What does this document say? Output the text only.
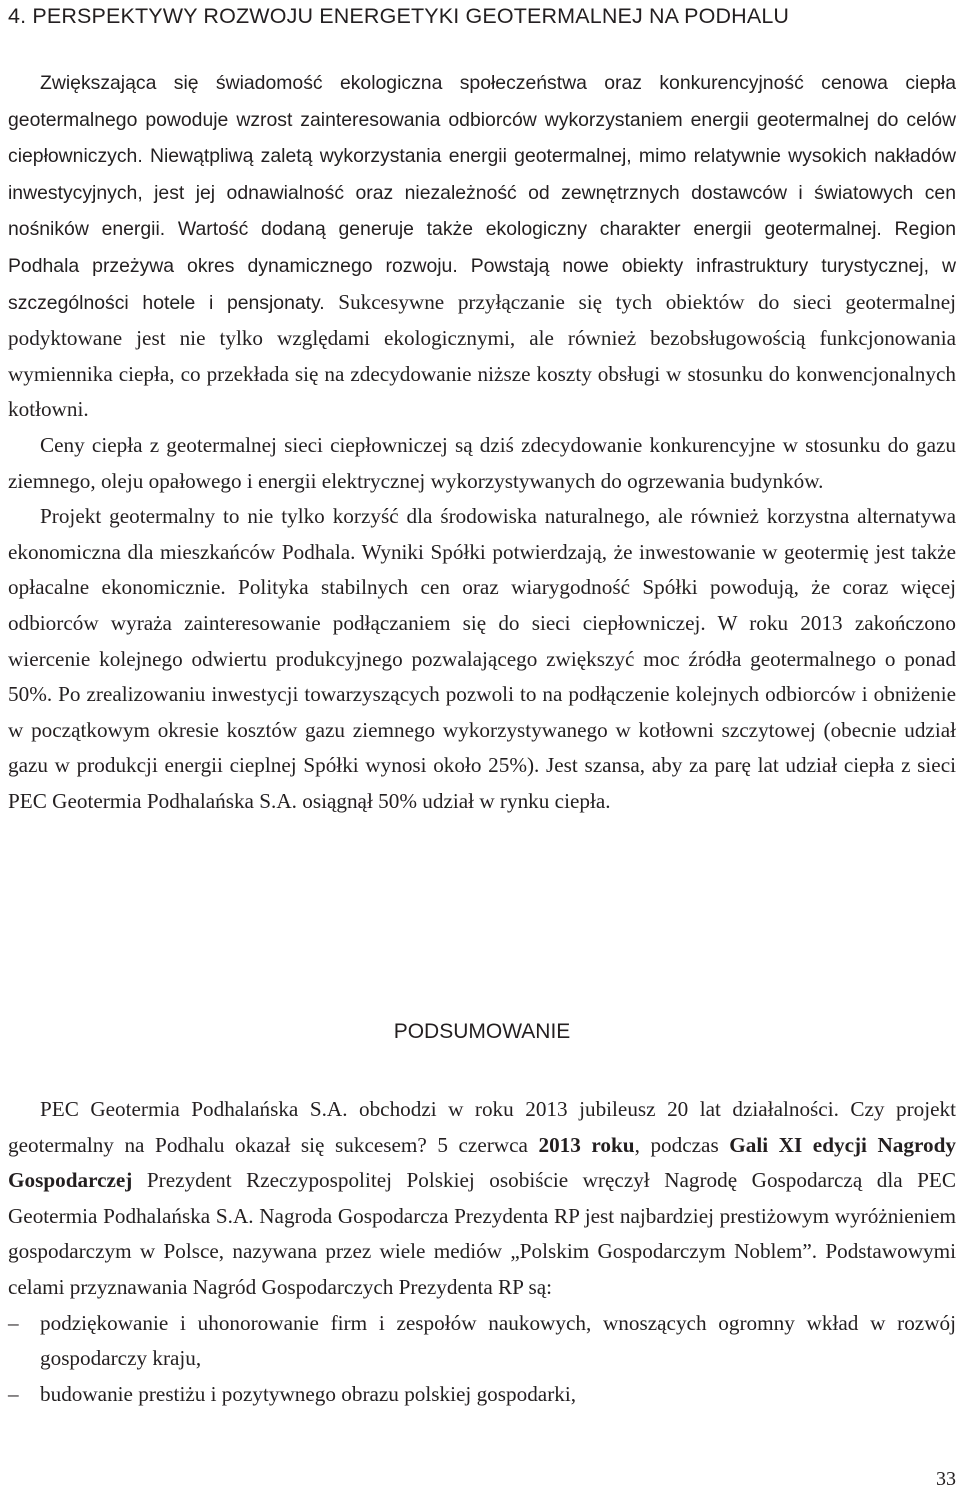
4. PERSPEKTYWY ROZWOJU ENERGETYKI GEOTERMALNEJ NA PODHALU

Zwiększająca się świadomość ekologiczna społeczeństwa oraz konkurencyjność cenowa ciepła geotermalnego powoduje wzrost zainteresowania odbiorców wykorzystaniem energii geotermalnej do celów ciepłowniczych. Niewątpliwą zaletą wykorzystania energii geotermalnej, mimo relatywnie wysokich nakładów inwestycyjnych, jest jej odnawialność oraz niezależność od zewnętrznych dostawców i światowych cen nośników energii. Wartość dodaną generuje także ekologiczny charakter energii geotermalnej. Region Podhala przeżywa okres dynamicznego rozwoju. Powstają nowe obiekty infrastruktury turystycznej, w szczególności hotele i pensjonaty. Sukcesywne przyłączanie się tych obiektów do sieci geotermalnej podyktowane jest nie tylko względami ekologicznymi, ale również bezobsługowością funkcjonowania wymiennika ciepła, co przekłada się na zdecydowanie niższe koszty obsługi w stosunku do konwencjonalnych kotłowni.

Ceny ciepła z geotermalnej sieci ciepłowniczej są dziś zdecydowanie konkurencyjne w stosunku do gazu ziemnego, oleju opałowego i energii elektrycznej wykorzystywanych do ogrzewania budynków.

Projekt geotermalny to nie tylko korzyść dla środowiska naturalnego, ale również korzystna alternatywa ekonomiczna dla mieszkańców Podhala. Wyniki Spółki potwierdzają, że inwestowanie w geotermię jest także opłacalne ekonomicznie. Polityka stabilnych cen oraz wiarygodność Spółki powodują, że coraz więcej odbiorców wyraża zainteresowanie podłączaniem się do sieci ciepłowniczej. W roku 2013 zakończono wiercenie kolejnego odwiertu produkcyjnego pozwalającego zwiększyć moc źródła geotermalnego o ponad 50%. Po zrealizowaniu inwestycji towarzyszących pozwoli to na podłączenie kolejnych odbiorców i obniżenie w początkowym okresie kosztów gazu ziemnego wykorzystywanego w kotłowni szczytowej (obecnie udział gazu w produkcji energii cieplnej Spółki wynosi około 25%). Jest szansa, aby za parę lat udział ciepła z sieci PEC Geotermia Podhalańska S.A. osiągnął 50% udział w rynku ciepła.

PODSUMOWANIE

PEC Geotermia Podhalańska S.A. obchodzi w roku 2013 jubileusz 20 lat działalności. Czy projekt geotermalny na Podhalu okazał się sukcesem? 5 czerwca 2013 roku, podczas Gali XI edycji Nagrody Gospodarczej Prezydent Rzeczypospolitej Polskiej osobiście wręczył Nagrodę Gospodarczą dla PEC Geotermia Podhalańska S.A. Nagroda Gospodarcza Prezydenta RP jest najbardziej prestiżowym wyróżnieniem gospodarczym w Polsce, nazywana przez wiele mediów „Polskim Gospodarczym Noblem”. Podstawowymi celami przyznawania Nagród Gospodarczych Prezydenta RP są:

– podziękowanie i uhonorowanie firm i zespołów naukowych, wnoszących ogromny wkład w rozwój gospodarczy kraju,
– budowanie prestiżu i pozytywnego obrazu polskiej gospodarki,

33
